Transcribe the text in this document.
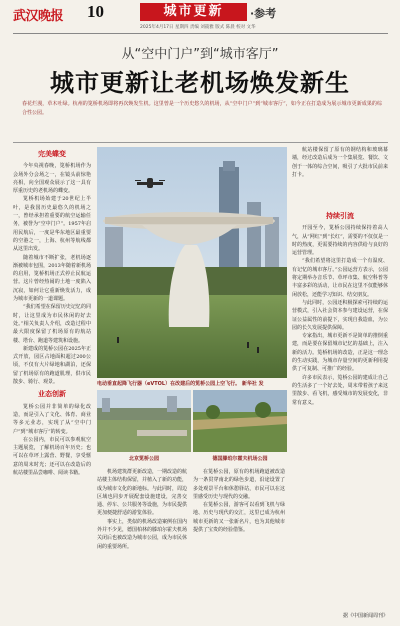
武汉晚报 10	城市更新	·参考
2025年4月17日 星期四 责编 刘筱雅 版式 陈晨 校对 文华
从“空中门户”到“城市客厅”
城市更新让老机场焕发新生
春花烂漫，草木吐绿。杭州的笕桥机场即将再次焕发生机。这里曾是一个历史悠久的机场，从“空中门户”到“城市客厅”，如今正在打造成为展示城市更新成果的综合性公园。
完美蝶变

今年央视春晚，笕桥机场作为会场外分会场之一，在镜头前惊艳亮相，向全国观众展示了这一具有厚重历史的老机场的蝶变。

笕桥机场始建于20世纪上半叶，是我国历史最悠久的机场之一，曾经承担着重要的航空运输任务，被誉为“空中门户”。1957年启用民航后，一度是华东地区最重要的空港之一，上海、杭州等航线都从这里出发。

随着城市不断扩张，老机场逐渐被城市包围，2013年随着新机场的启用，笕桥机场正式停止民航运营。这片曾经热闹的土地一度陷入沉寂，如何让它重新焕发活力，成为城市更新的一道课题。

“我们希望在保留历史记忆的同时，让这里成为市民休闲的好去处。”相关负责人介绍，改造过程中最大限度保留了机场原有的航站楼、塔台、跑道等建筑和设施。

新建成的笕桥公园在2025年正式开放，园区占地面积超过200公顷，不仅有大片绿地和湖泊，还保留了机场原有的跑道肌理，供市民散步、骑行、观景。

业态创新

笕桥公园并非简单的绿化改造，而是引入了文化、体育、商业等多元业态，实现了从“空中门户”到“城市客厅”的转变。

在公园内，市民可以参观航空主题展览，了解机场百年历史；也可以在草坪上露营、野餐，享受惬意的周末时光；还可以在改造后的航站楼里品尝咖啡、阅读书籍。

电动垂直起降飞行器（eVTOL）在改建后的笕桥公园上空飞行。 新华社 发
北京笕桥公园	德国滕珀尔霍夫机场公园

机场建筑群更新改造，一期改造的航站楼主体结构保留，并植入了新的功能，成为城市文化的新地标。与此同时，周边区域也同步开展配套设施建设，完善交通、停车、公共服务等设施，为市民提供更加便捷舒适的游览体验。

事实上，类似的机场改造案例在国内外并不少见，德国柏林的滕珀尔霍夫机场关闭后也被改造为城市公园，成为市民休闲的重要场所。

在笕桥公园，原有的机场跑道被改造为一条贯穿南北的绿色步道，沿途设置了多处观景平台和休憩驿站，市民可以在这里感受历史与现代的交融。

在笕桥公园，游客可以看到飞机与绿地、历史与现代的交汇，这里已成为杭州城市更新的又一张新名片，也为其他城市提供了宝贵的经验借鉴。

航站楼保留了原有的钢结构和玻璃幕墙，经过改造后成为一个集展览、餐饮、文创于一体的综合空间，吸引了大批市民前来打卡。

持续引流

开园至今，笕桥公园持续保持着高人气，从“网红”到“长红”，需要的不仅仅是一时的热度，更需要持续的内容供给与良好的运营管理。

“我们希望将这里打造成一个有温度、有记忆的城市客厅。”公园运营方表示，公园将定期举办音乐节、草坪市集、航空科普等丰富多彩的活动，让市民在这里不仅能够休闲放松，还能学习知识、结交朋友。

与此同时，公园还积极探索可持续的运营模式，引入社会资本参与建设运营，在保证公益属性的前提下，实现自我造血，为公园的长久发展提供保障。

专家指出，城市更新不是简单的推倒重建，而是要在保留城市记忆的基础上，注入新的活力。笕桥机场的改造，正是这一理念的生动实践，为城市存量空间的更新利用提供了可复制、可推广的经验。

许多市民表示，笕桥公园的建成让自己的生活多了一个好去处，周末带着孩子来这里散步、看飞机，感受城市的发展变化，非常有意义。

据《中国新闻周刊》
